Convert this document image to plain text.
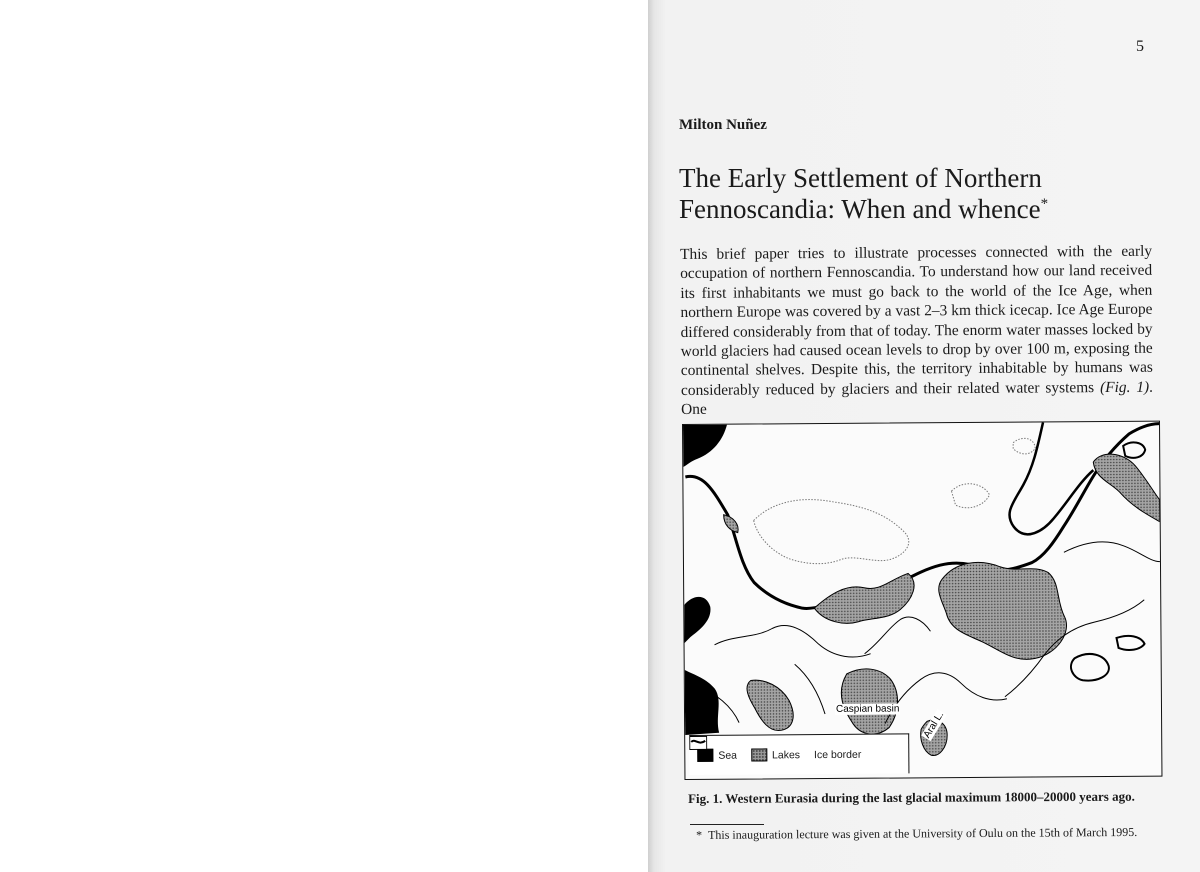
5
Milton Nuñez
The Early Settlement of Northern
Fennoscandia: When and whence*

This brief paper tries to illustrate processes connected with the early occupation of northern Fennoscandia. To understand how our land received its first inhabitants we must go back to the world of the Ice Age, when northern Europe was covered by a vast 2–3 km thick icecap. Ice Age Europe differed considerably from that of today. The enorm water masses locked by world glaciers had caused ocean levels to drop by over 100 m, exposing the continental shelves. Despite this, the territory inhabitable by humans was considerably reduced by glaciers and their related water systems (Fig. 1). One

Caspian basin
Aral L.
Sea	Lakes Ice border

Fig. 1. Western Eurasia during the last glacial maximum 18000–20000 years ago.

* This inauguration lecture was given at the University of Oulu on the 15th of March 1995.
